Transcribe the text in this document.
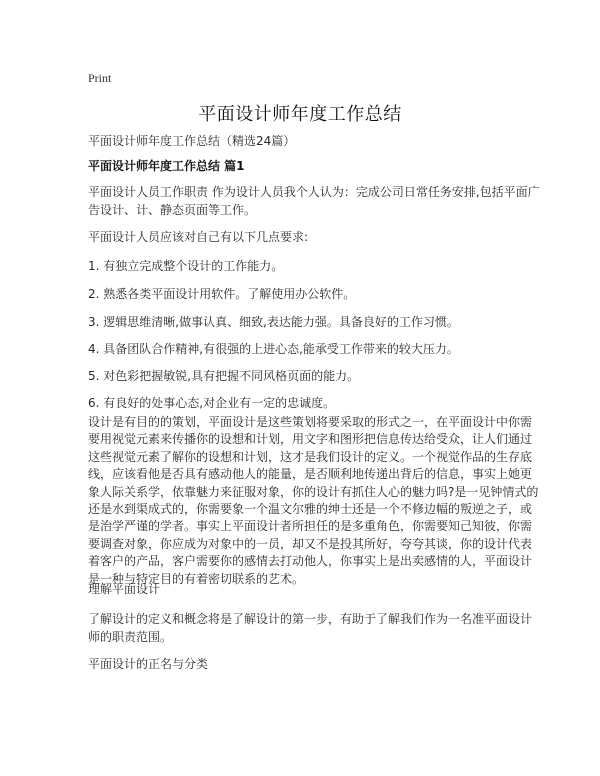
Print
平面设计师年度工作总结
平面设计师年度工作总结（精选24篇）
平面设计师年度工作总结 篇1
平面设计人员工作职责 作为设计人员我个人认为：完成公司日常任务安排,包括平面广告设计、计、静态页面等工作。
平面设计人员应该对自己有以下几点要求:
1. 有独立完成整个设计的工作能力。
2. 熟悉各类平面设计用软件。了解使用办公软件。
3. 逻辑思维清晰,做事认真、细致,表达能力强。具备良好的工作习惯。
4. 具备团队合作精神,有很强的上进心态,能承受工作带来的较大压力。
5. 对色彩把握敏锐,具有把握不同风格页面的能力。
6. 有良好的处事心态,对企业有一定的忠诚度。
设计是有目的的策划，平面设计是这些策划将要采取的形式之一，在平面设计中你需要用视觉元素来传播你的设想和计划，用文字和图形把信息传达给受众，让人们通过这些视觉元素了解你的设想和计划，这才是我们设计的定义。一个视觉作品的生存底线，应该看他是否具有感动他人的能量，是否顺利地传递出背后的信息，事实上她更象人际关系学，依靠魅力来征服对象，你的设计有抓住人心的魅力吗?是一见钟情式的还是水到渠成式的，你需要象一个温文尔雅的绅士还是一个不修边幅的叛逆之子，或是治学严谨的学者。事实上平面设计者所担任的是多重角色，你需要知己知彼，你需要调查对象，你应成为对象中的一员，却又不是投其所好，夸夸其谈，你的设计代表着客户的产品，客户需要你的感情去打动他人，你事实上是出卖感情的人，平面设计是一种与特定目的有着密切联系的艺术。
理解平面设计
了解设计的定义和概念将是了解设计的第一步，有助于了解我们作为一名准平面设计师的职责范围。
平面设计的正名与分类
